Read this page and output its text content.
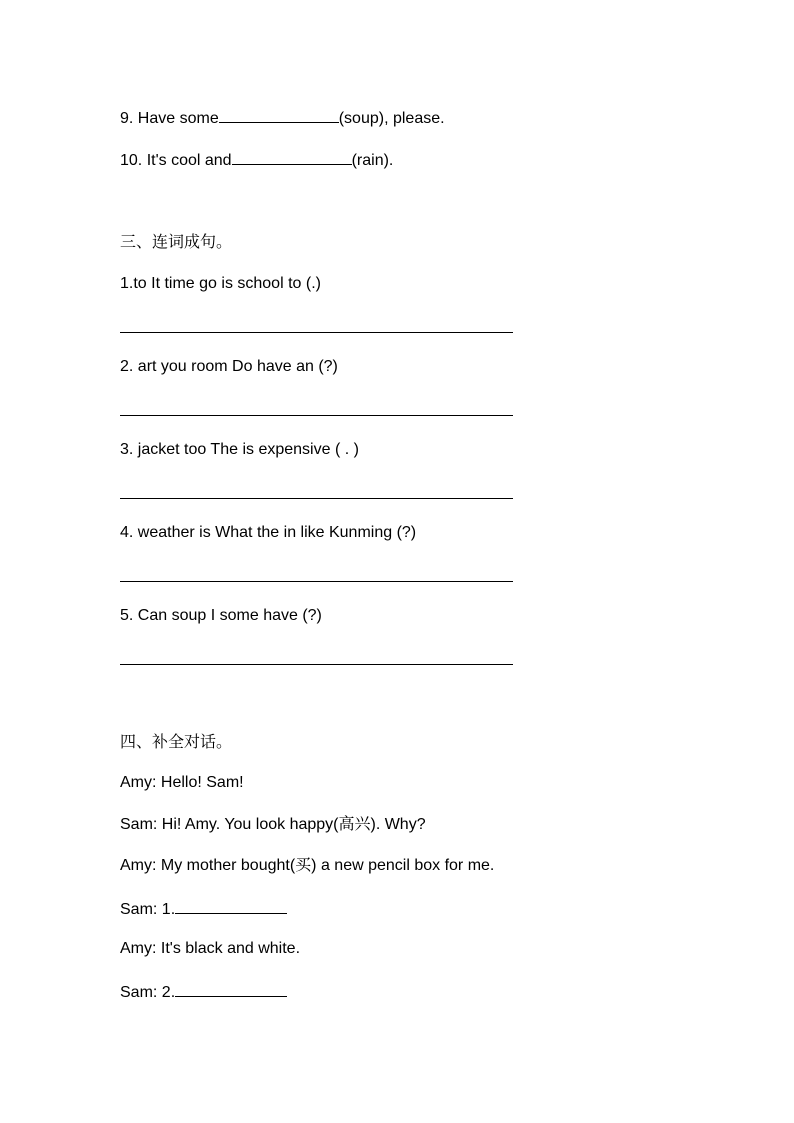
9. Have some	(soup), please.
10. It's cool and	(rain).
三、连词成句。
1.to It time go is school to (.)
2. art you room Do have an (?)
3. jacket too The is expensive ( . )
4. weather is What the in like Kunming (?)
5. Can soup I some have (?)
四、补全对话。
Amy: Hello! Sam!
Sam: Hi! Amy. You look happy(高兴). Why?
Amy: My mother bought(买) a new pencil box for me.
Sam: 1.
Amy: It's black and white.
Sam: 2.
